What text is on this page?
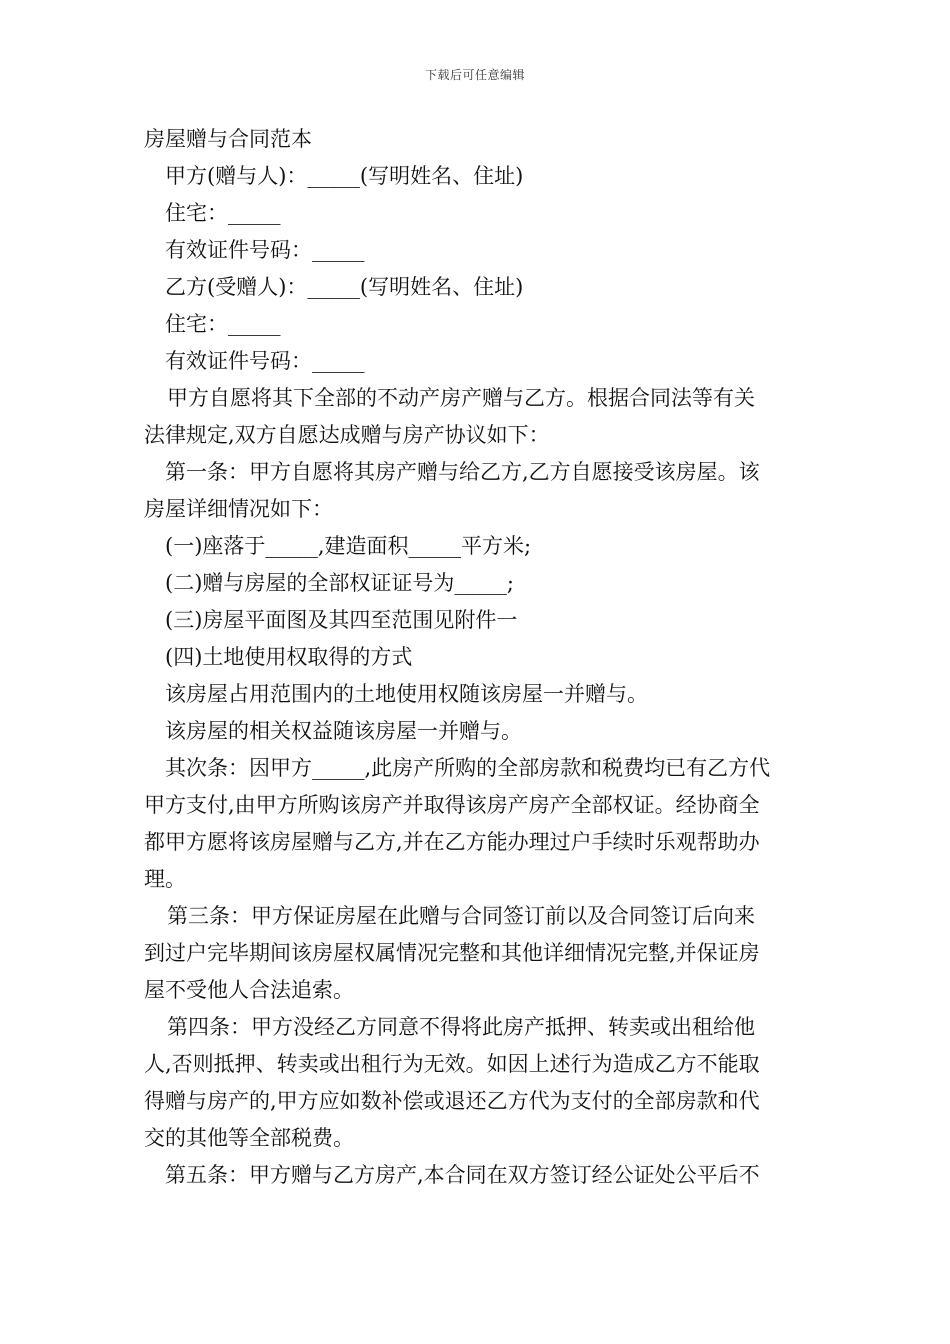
下载后可任意编辑
房屋赠与合同范本
甲方(赠与人)：_____(写明姓名、住址)
住宅：_____
有效证件号码：_____
乙方(受赠人)：_____(写明姓名、住址)
住宅：_____
有效证件号码：_____
甲方自愿将其下全部的不动产房产赠与乙方。根据合同法等有关
法律规定,双方自愿达成赠与房产协议如下：
第一条：甲方自愿将其房产赠与给乙方,乙方自愿接受该房屋。该
房屋详细情况如下：
(一)座落于_____,建造面积_____平方米;
(二)赠与房屋的全部权证证号为_____;
(三)房屋平面图及其四至范围见附件一
(四)土地使用权取得的方式
该房屋占用范围内的土地使用权随该房屋一并赠与。
该房屋的相关权益随该房屋一并赠与。
其次条：因甲方_____,此房产所购的全部房款和税费均已有乙方代
甲方支付,由甲方所购该房产并取得该房产房产全部权证。经协商全
都甲方愿将该房屋赠与乙方,并在乙方能办理过户手续时乐观帮助办
理。
第三条：甲方保证房屋在此赠与合同签订前以及合同签订后向来
到过户完毕期间该房屋权属情况完整和其他详细情况完整,并保证房
屋不受他人合法追索。
第四条：甲方没经乙方同意不得将此房产抵押、转卖或出租给他
人,否则抵押、转卖或出租行为无效。如因上述行为造成乙方不能取
得赠与房产的,甲方应如数补偿或退还乙方代为支付的全部房款和代
交的其他等全部税费。
第五条：甲方赠与乙方房产,本合同在双方签订经公证处公平后不
